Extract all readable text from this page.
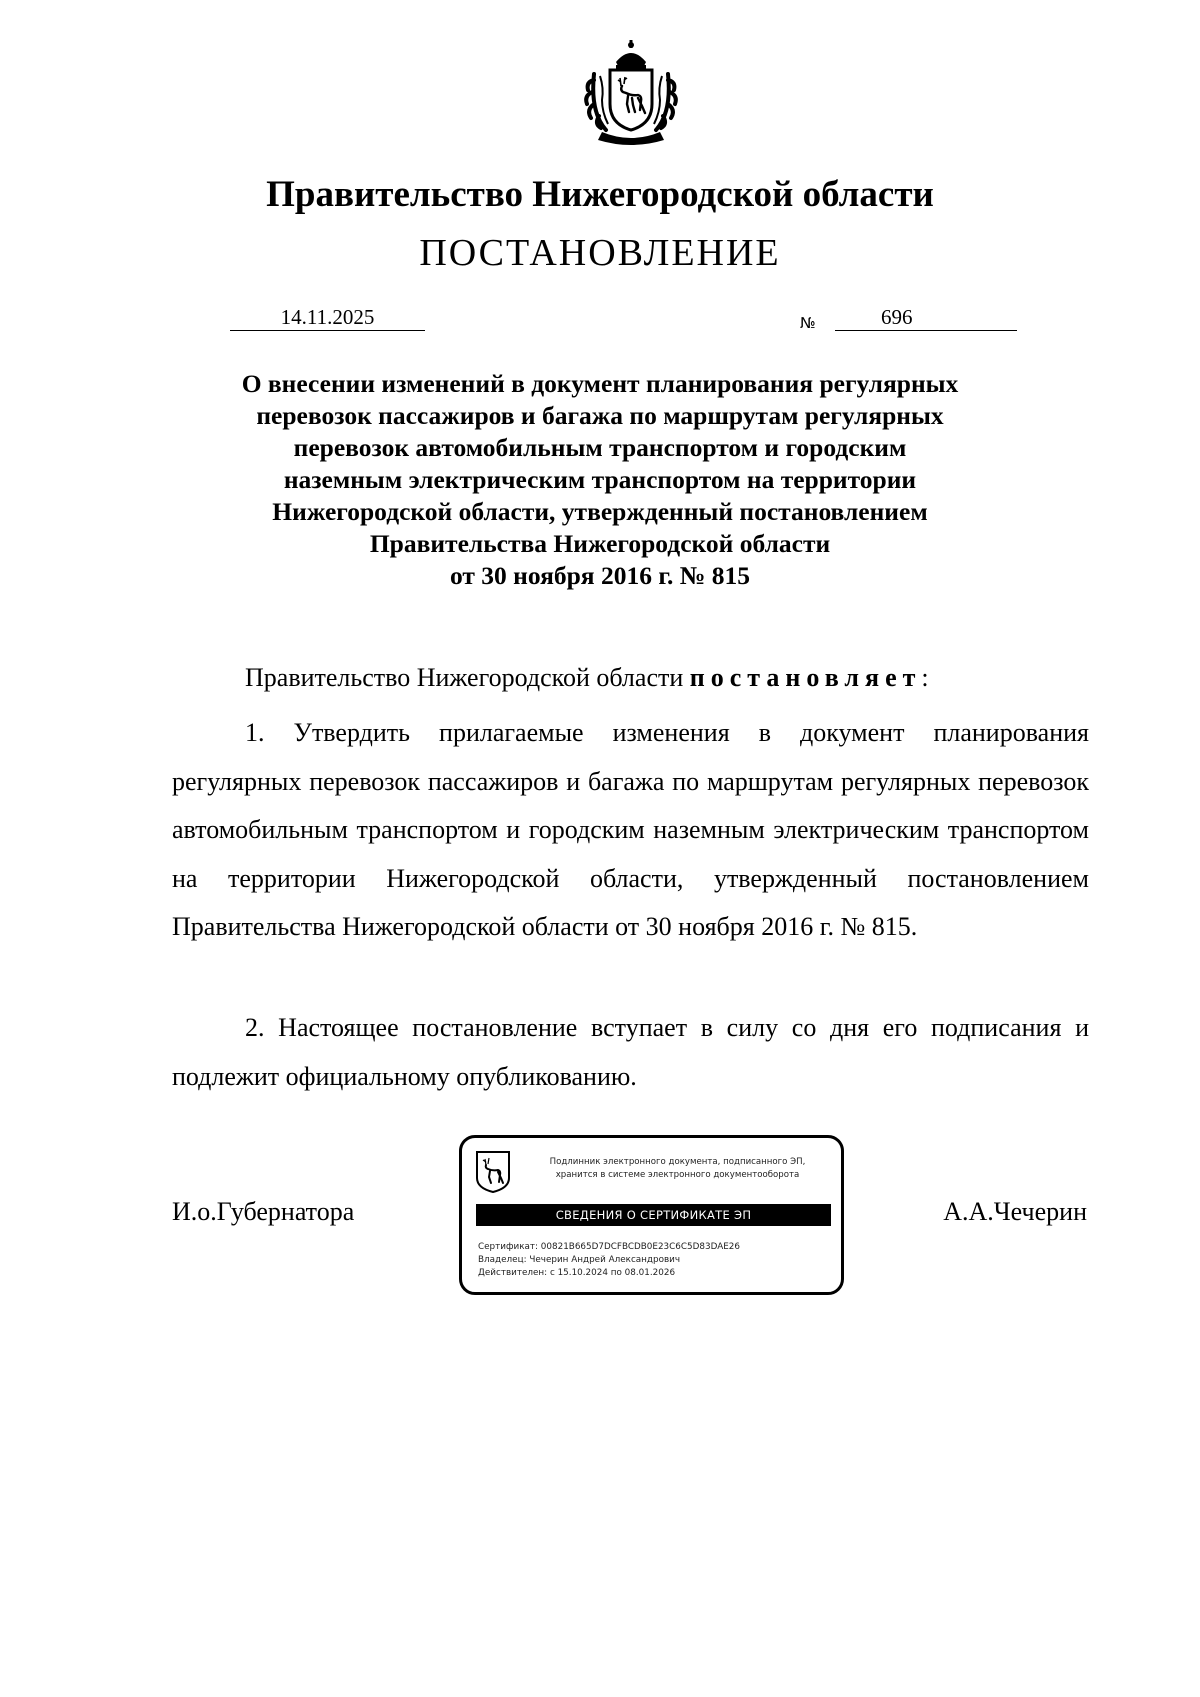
Правительство Нижегородской области
ПОСТАНОВЛЕНИЕ
14.11.2025	№	696

О внесении изменений в документ планирования регулярных
перевозок пассажиров и багажа по маршрутам регулярных
перевозок автомобильным транспортом и городским
наземным электрическим транспортом на территории
Нижегородской области, утвержденный постановлением
Правительства Нижегородской области
от 30 ноября 2016 г. № 815

Правительство Нижегородской области постановляет:

1. Утвердить прилагаемые изменения в документ планирования регулярных перевозок пассажиров и багажа по маршрутам регулярных перевозок автомобильным транспортом и городским наземным электрическим транспортом на территории Нижегородской области, утвержденный постановлением Правительства Нижегородской области от 30 ноября 2016 г. № 815.

2. Настоящее постановление вступает в силу со дня его подписания и подлежит официальному опубликованию.

И.о.Губернатора	А.А.Чечерин
Подлинник электронного документа, подписанного ЭП,
хранится в системе электронного документооборота
СВЕДЕНИЯ О СЕРТИФИКАТЕ ЭП
Сертификат: 00821B665D7DCFBCDB0E23C6C5D83DAE26
Владелец: Чечерин Андрей Александрович
Действителен: с 15.10.2024 по 08.01.2026
